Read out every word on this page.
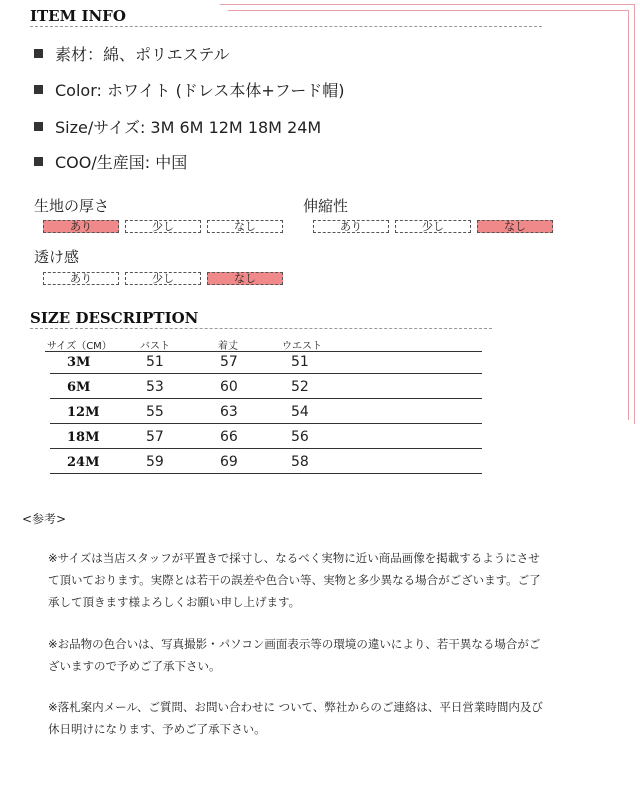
ITEM INFO
素材：綿、ポリエステル
Color: ホワイト (ドレス本体+フード帽)
Size/サイズ: 3M 6M 12M 18M 24M
COO/生産国: 中国
生地の厚さ
あり	少し	なし
伸縮性
あり	少し	なし
透け感
あり	少し	なし
SIZE DESCRIPTION
サイズ（CM）	バスト	着丈	ウエスト
3M	51	57	51
6M	53	60	52
12M	55	63	54
18M	57	66	56
24M	59	69	58
<参考>
※サイズは当店スタッフが平置きで採寸し、なるべく実物に近い商品画像を掲載するようにさせて頂いております。実際とは若干の誤差や色合い等、実物と多少異なる場合がございます。ご了承して頂きます様よろしくお願い申し上げます。
※お品物の色合いは、写真撮影・パソコン画面表示等の環境の違いにより、若干異なる場合がございますので予めご了承下さい。
※落札案内メール、ご質問、お問い合わせに ついて、弊社からのご連絡は、平日営業時間内及び休日明けになります、予めご了承下さい。
